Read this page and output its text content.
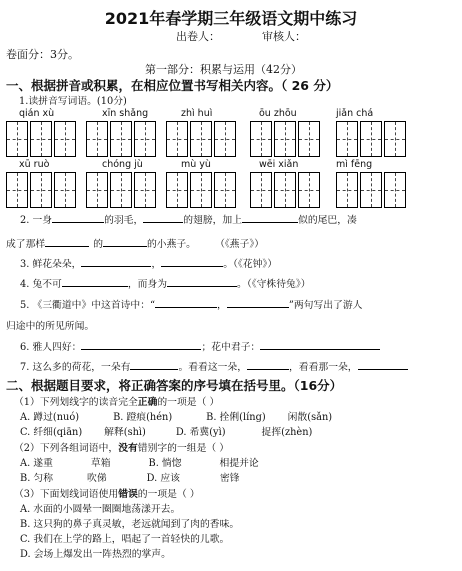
2021年春学期三年级语文期中练习
出卷人：	审核人：
卷面分：3分。
第一部分：积累与运用（42分）
一、根据拼音或积累，在相应位置书写相关内容。（ 26 分）
1.读拼音写词语。(10分)
qián xù	xīn shǎng	zhì huì	ōu zhōu	jiǎn chá
xū ruò	chóng jù	mù yù	wēi xiǎn	mì fēng
2. 一身	的羽毛，	的翅膀，加上	似的尾巴，凑
成了那样	的	的小燕子。 （《燕子》）
3. 鲜花朵朵，	，	。（《花钟》）
4. 兔不可	，而身为	。（《守株待兔》）
5. 《三衢道中》中这首诗中：“	，	”两句写出了游人
归途中的所见所闻。
6. 雅人四好：	；花中君子：
7. 这么多的荷花，一朵有	。看看这一朵，	，看看那一朵，
二、根据题目要求，将正确答案的序号填在括号里。（16分）
（1）下列划线字的读音完全正确的一项是（ ）
A. 蹲过(nuó)	B. 蹬痕(hén)	B. 拴俐(líng) 闲散(sǎn)
C. 纤细(qiān) 解释(shì)	D. 希冀(yì)	捉挥(zhèn)
（2）下列各组词语中，没有错别字的一组是（ ）
A. 遂重	草箱	B. 惝惚	相提并论
B. 匀称	吹俤	D. 应该	密锋
（3）下面划线词语使用错误的一项是（ ）
A. 水面的小圆晕一圈圈地荡漾开去。
B. 这只狗的鼻子真灵敏，老远就闻到了肉的香味。
C. 我们在上学的路上，唱起了一首轻快的儿歌。
D. 会场上爆发出一阵热烈的掌声。
